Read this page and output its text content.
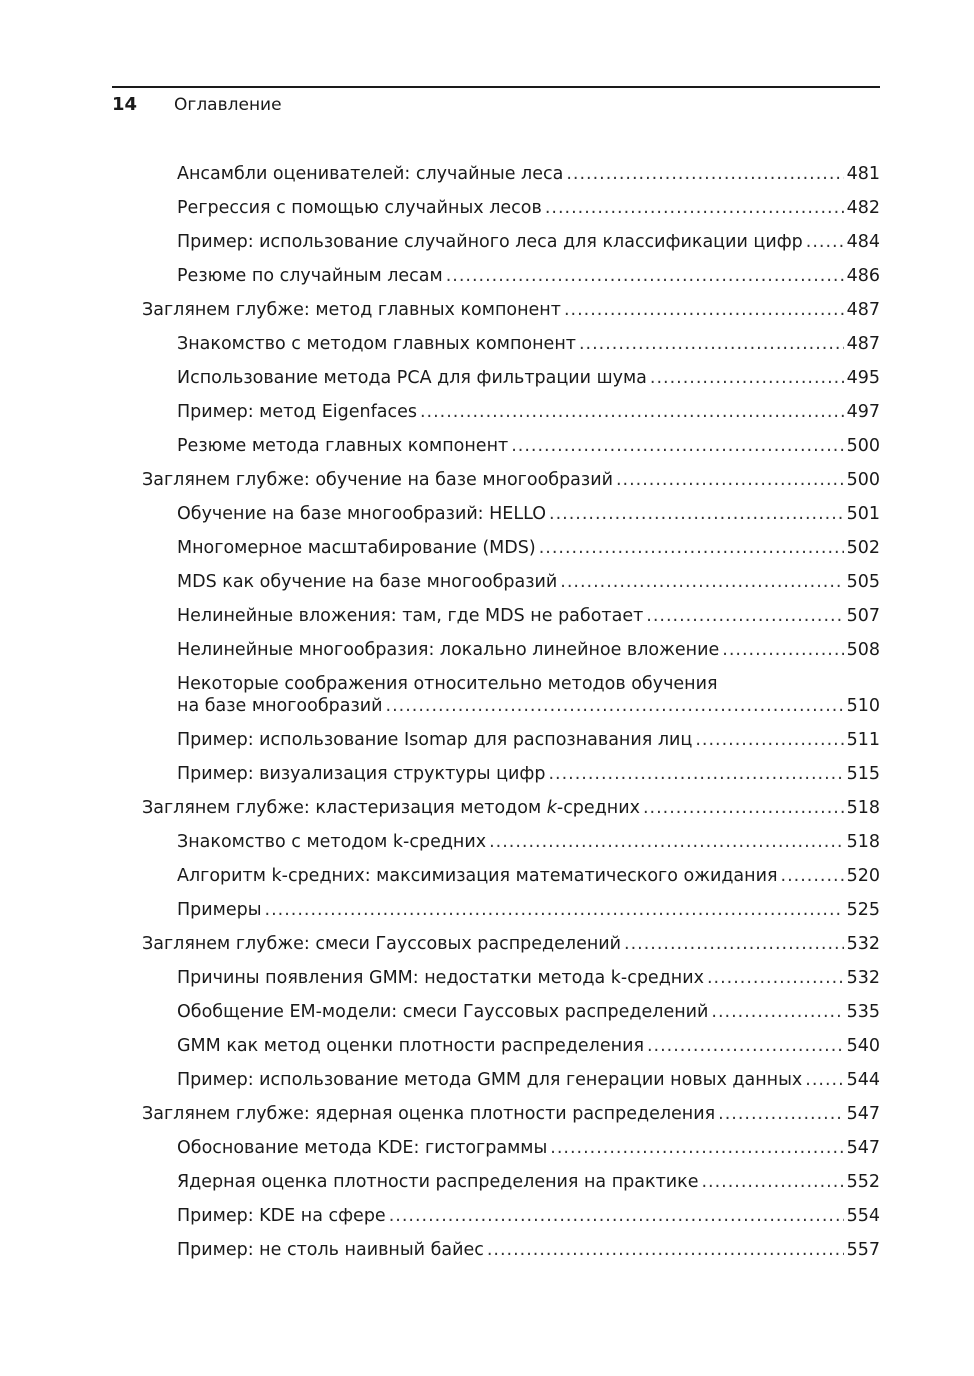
14 Оглавление
Ансамбли оценивателей: случайные леса .....	481
Регрессия с помощью случайных лесов .....	482
Пример: использование случайного леса для классификации цифр .....	484
Резюме по случайным лесам .....	486
Заглянем глубже: метод главных компонент .....	487
Знакомство с методом главных компонент .....	487
Использование метода PCA для фильтрации шума .....	495
Пример: метод Eigenfaces .....	497
Резюме метода главных компонент .....	500
Заглянем глубже: обучение на базе многообразий .....	500
Обучение на базе многообразий: HELLO .....	501
Многомерное масштабирование (MDS) .....	502
MDS как обучение на базе многообразий .....	505
Нелинейные вложения: там, где MDS не работает .....	507
Нелинейные многообразия: локально линейное вложение .....	508
Некоторые соображения относительно методов обучения
на базе многообразий .....	510
Пример: использование Isomap для распознавания лиц .....	511
Пример: визуализация структуры цифр .....	515
Заглянем глубже: кластеризация методом k-средних .....	518
Знакомство с методом k-средних .....	518
Алгоритм k-средних: максимизация математического ожидания .....	520
Примеры .....	525
Заглянем глубже: смеси Гауссовых распределений .....	532
Причины появления GMM: недостатки метода k-средних .....	532
Обобщение EM-модели: смеси Гауссовых распределений .....	535
GMM как метод оценки плотности распределения .....	540
Пример: использование метода GMM для генерации новых данных .....	544
Заглянем глубже: ядерная оценка плотности распределения .....	547
Обоснование метода KDE: гистограммы .....	547
Ядерная оценка плотности распределения на практике .....	552
Пример: KDE на сфере .....	554
Пример: не столь наивный байес .....	557
